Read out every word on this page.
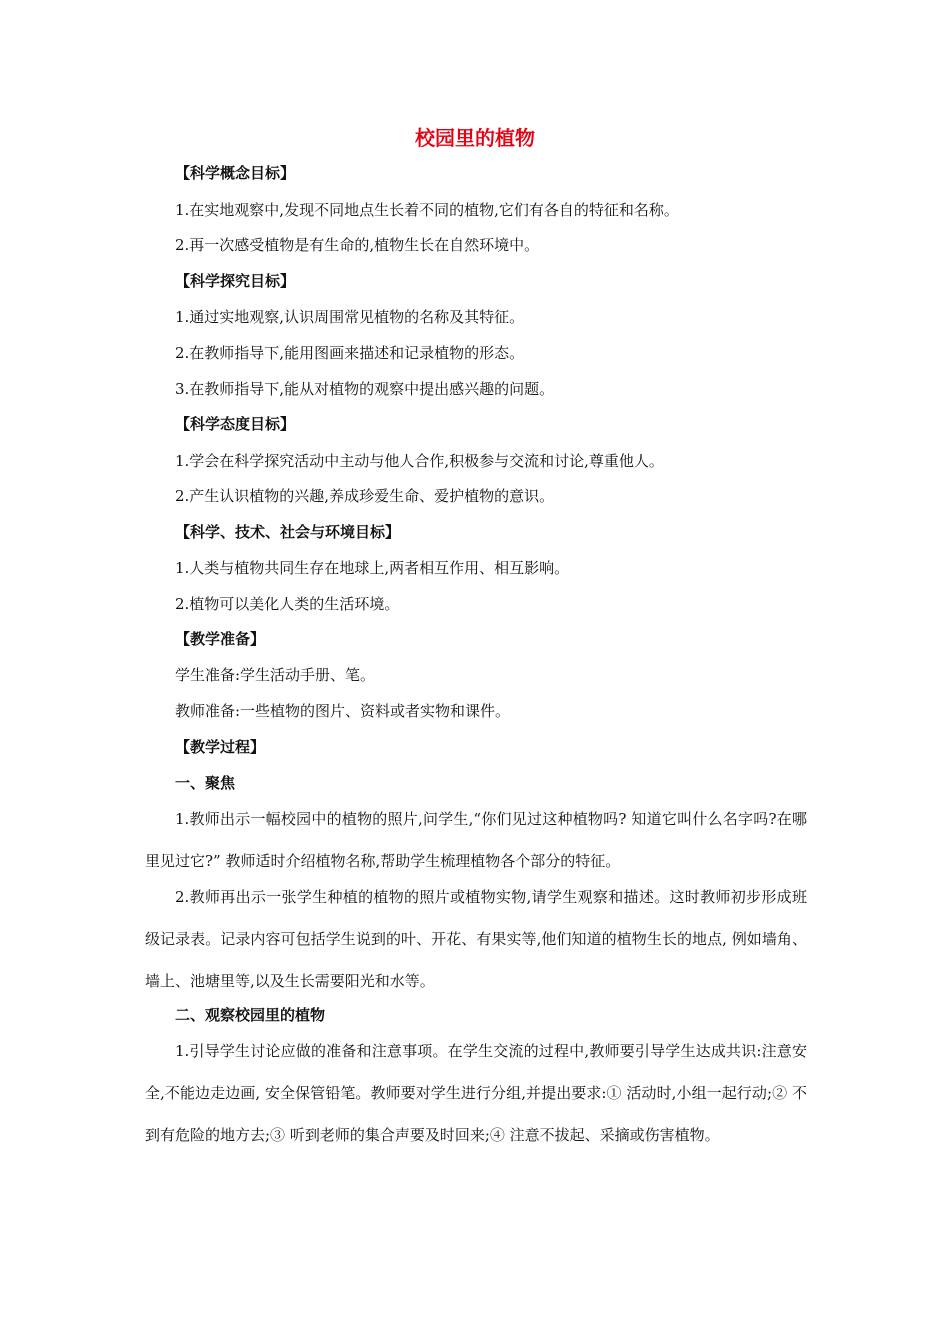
校园里的植物
【科学概念目标】
1.在实地观察中,发现不同地点生长着不同的植物,它们有各自的特征和名称。
2.再一次感受植物是有生命的,植物生长在自然环境中。
【科学探究目标】
1.通过实地观察,认识周围常见植物的名称及其特征。
2.在教师指导下,能用图画来描述和记录植物的形态。
3.在教师指导下,能从对植物的观察中提出感兴趣的问题。
【科学态度目标】
1.学会在科学探究活动中主动与他人合作,积极参与交流和讨论,尊重他人。
2.产生认识植物的兴趣,养成珍爱生命、爱护植物的意识。
【科学、技术、社会与环境目标】
1.人类与植物共同生存在地球上,两者相互作用、相互影响。
2.植物可以美化人类的生活环境。
【教学准备】
学生准备:学生活动手册、笔。
教师准备:一些植物的图片、资料或者实物和课件。
【教学过程】
一、聚焦
1.教师出示一幅校园中的植物的照片,问学生,“你们见过这种植物吗? 知道它叫什么名字吗?在哪里见过它?” 教师适时介绍植物名称,帮助学生梳理植物各个部分的特征。
2.教师再出示一张学生种植的植物的照片或植物实物,请学生观察和描述。这时教师初步形成班级记录表。记录内容可包括学生说到的叶、开花、有果实等,他们知道的植物生长的地点, 例如墙角、墙上、池塘里等,以及生长需要阳光和水等。
二、观察校园里的植物
1.引导学生讨论应做的准备和注意事项。在学生交流的过程中,教师要引导学生达成共识:注意安全,不能边走边画, 安全保管铅笔。教师要对学生进行分组,并提出要求:① 活动时,小组一起行动;② 不到有危险的地方去;③ 听到老师的集合声要及时回来;④ 注意不拔起、采摘或伤害植物。
